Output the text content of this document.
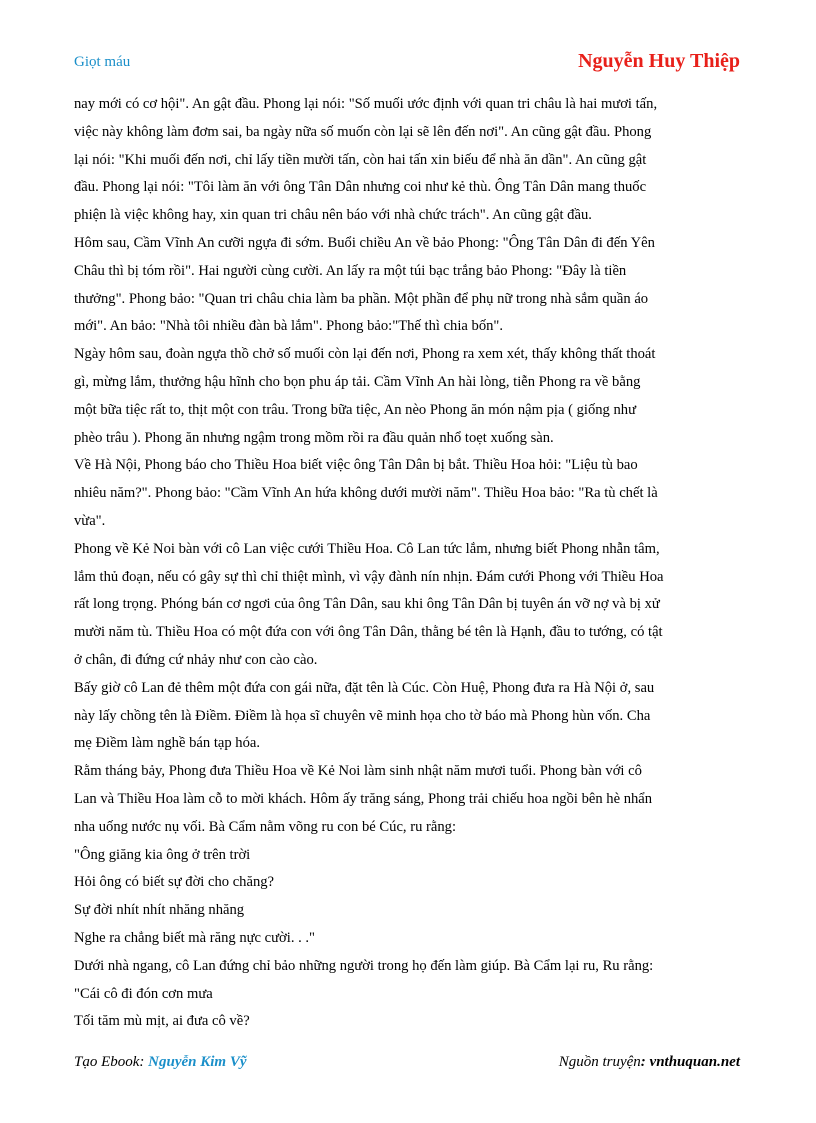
Giọt máu	Nguyễn Huy Thiệp
nay mới có cơ hội". An gật đầu. Phong lại nói: "Số muối ước định với quan tri châu là hai mươi tấn,
việc này không làm đơm sai, ba ngày nữa số muốn còn lại sẽ lên đến nơi". An cũng gật đầu. Phong
lại nói: "Khi muối đến nơi, chỉ lấy tiền mười tấn, còn hai tấn xin biếu để nhà ăn dần". An cũng gật
đầu. Phong lại nói: "Tôi làm ăn với ông Tân Dân nhưng coi như kẻ thù. Ông Tân Dân mang thuốc
phiện là việc không hay, xin quan tri châu nên báo với nhà chức trách". An cũng gật đầu.
Hôm sau, Cầm Vĩnh An cưỡi ngựa đi sớm. Buổi chiều An về bảo Phong: "Ông Tân Dân đi đến Yên
Châu thì bị tóm rồi". Hai người cùng cười. An lấy ra một túi bạc trắng bảo Phong: "Đây là tiền
thưởng". Phong bảo: "Quan tri châu chia làm ba phần. Một phần để phụ nữ trong nhà sắm quần áo
mới". An bảo: "Nhà tôi nhiều đàn bà lắm". Phong bảo:"Thế thì chia bốn".
Ngày hôm sau, đoàn ngựa thồ chở số muối còn lại đến nơi, Phong ra xem xét, thấy không thất thoát
gì, mừng lắm, thưởng hậu hĩnh cho bọn phu áp tải. Cầm Vĩnh An hài lòng, tiễn Phong ra về bằng
một bữa tiệc rất to, thịt một con trâu. Trong bữa tiệc, An nèo Phong ăn món nậm pịa ( giống như
phèo trâu ). Phong ăn nhưng ngậm trong mồm rồi ra đầu quản nhổ toẹt xuống sàn.
Về Hà Nội, Phong báo cho Thiều Hoa biết việc ông Tân Dân bị bắt. Thiều Hoa hỏi: "Liệu tù bao
nhiêu năm?". Phong bảo: "Cầm Vĩnh An hứa không dưới mười năm". Thiều Hoa bảo: "Ra tù chết là
vừa".
Phong về Kẻ Noi bàn với cô Lan việc cưới Thiều Hoa. Cô Lan tức lắm, nhưng biết Phong nhẫn tâm,
lắm thủ đoạn, nếu có gây sự thì chỉ thiệt mình, vì vậy đành nín nhịn. Đám cưới Phong với Thiều Hoa
rất long trọng. Phóng bán cơ ngơi của ông Tân Dân, sau khi ông Tân Dân bị tuyên án vỡ nợ và bị xử
mười năm tù. Thiều Hoa có một đứa con với ông Tân Dân, thằng bé tên là Hạnh, đầu to tướng, có tật
ở chân, đi đứng cứ nhảy như con cào cào.
Bấy giờ cô Lan đẻ thêm một đứa con gái nữa, đặt tên là Cúc. Còn Huệ, Phong đưa ra Hà Nội ở, sau
này lấy chồng tên là Điềm. Điềm là họa sĩ chuyên vẽ minh họa cho tờ báo mà Phong hùn vốn. Cha
mẹ Điềm làm nghề bán tạp hóa.
Rằm tháng bảy, Phong đưa Thiều Hoa về Kẻ Noi làm sinh nhật năm mươi tuổi. Phong bàn với cô
Lan và Thiều Hoa làm cỗ to mời khách. Hôm ấy trăng sáng, Phong trải chiếu hoa ngồi bên hè nhẩn
nha uống nước nụ vối. Bà Cẩm nằm võng ru con bé Cúc, ru rằng:
"Ông giăng kia ông ở trên trời
Hỏi ông có biết sự đời cho chăng?
Sự đời nhít nhít nhăng nhăng
Nghe ra chẳng biết mà răng nực cười. . ."
Dưới nhà ngang, cô Lan đứng chỉ bảo những người trong họ đến làm giúp. Bà Cẩm lại ru, Ru rằng:
"Cái cô đi đón cơn mưa
Tối tăm mù mịt, ai đưa cô về?
Tạo Ebook: Nguyễn Kim Vỹ	Nguồn truyện: vnthuquan.net
